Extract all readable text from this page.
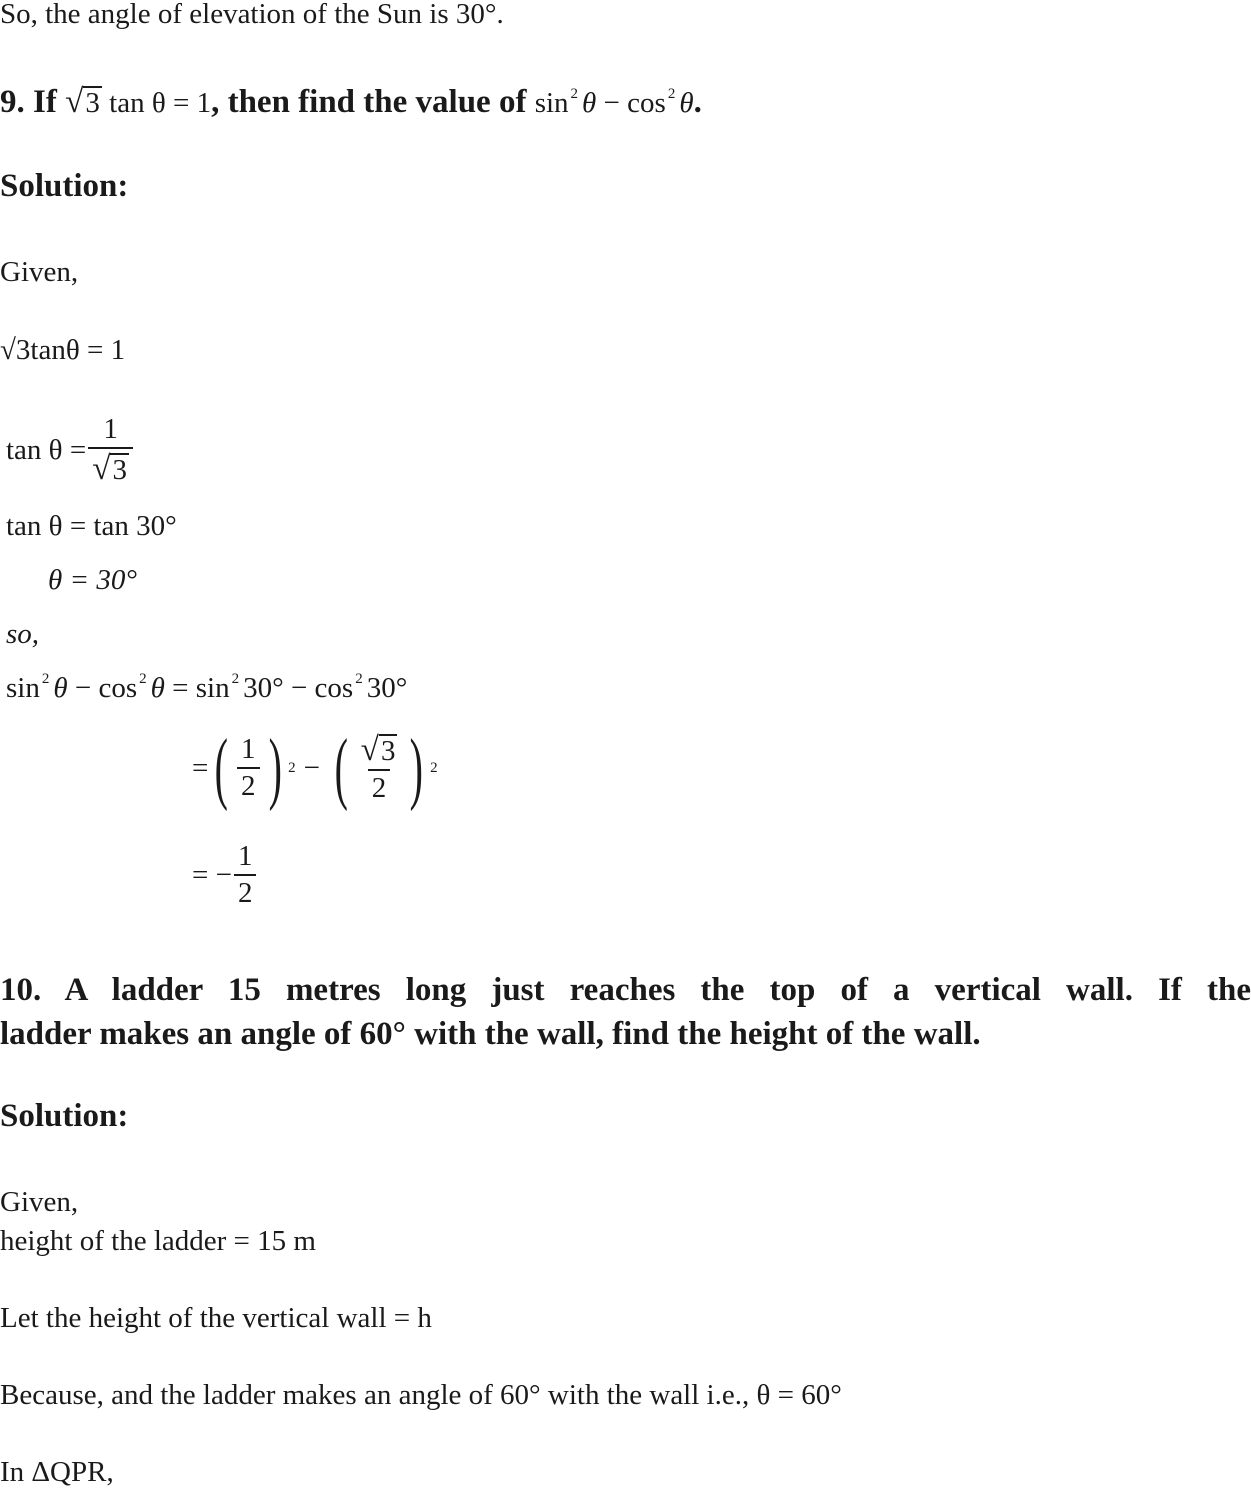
So, the angle of elevation of the Sun is 30°.
9.
If
√ 3 tan θ = 1 , then find the value of
sin $^2$ θ − cos $^2$ θ .
Solution:
Given,
√3tanθ = 1
$\tan \theta = \frac{1}{√ 3}$
tan θ = tan 30°
θ = 30°
so,
sin $^2$ θ − cos $^2$ θ = sin $^2$ 30° − cos $^2$ 30°
= ( $\frac{1}{2}$ ) 2 − ( $\frac{√ 3}{2}$ ) 2
= − $\frac{1}{2}$
10. A ladder 15 metres long just reaches the top of a vertical wall. If the
ladder makes an angle of 60° with the wall, find the height of the wall.
Solution:
Given,
height of the ladder = 15 m
Let the height of the vertical wall = h
Because, and the ladder makes an angle of 60° with the wall i.e., θ = 60°
In ΔQPR,
